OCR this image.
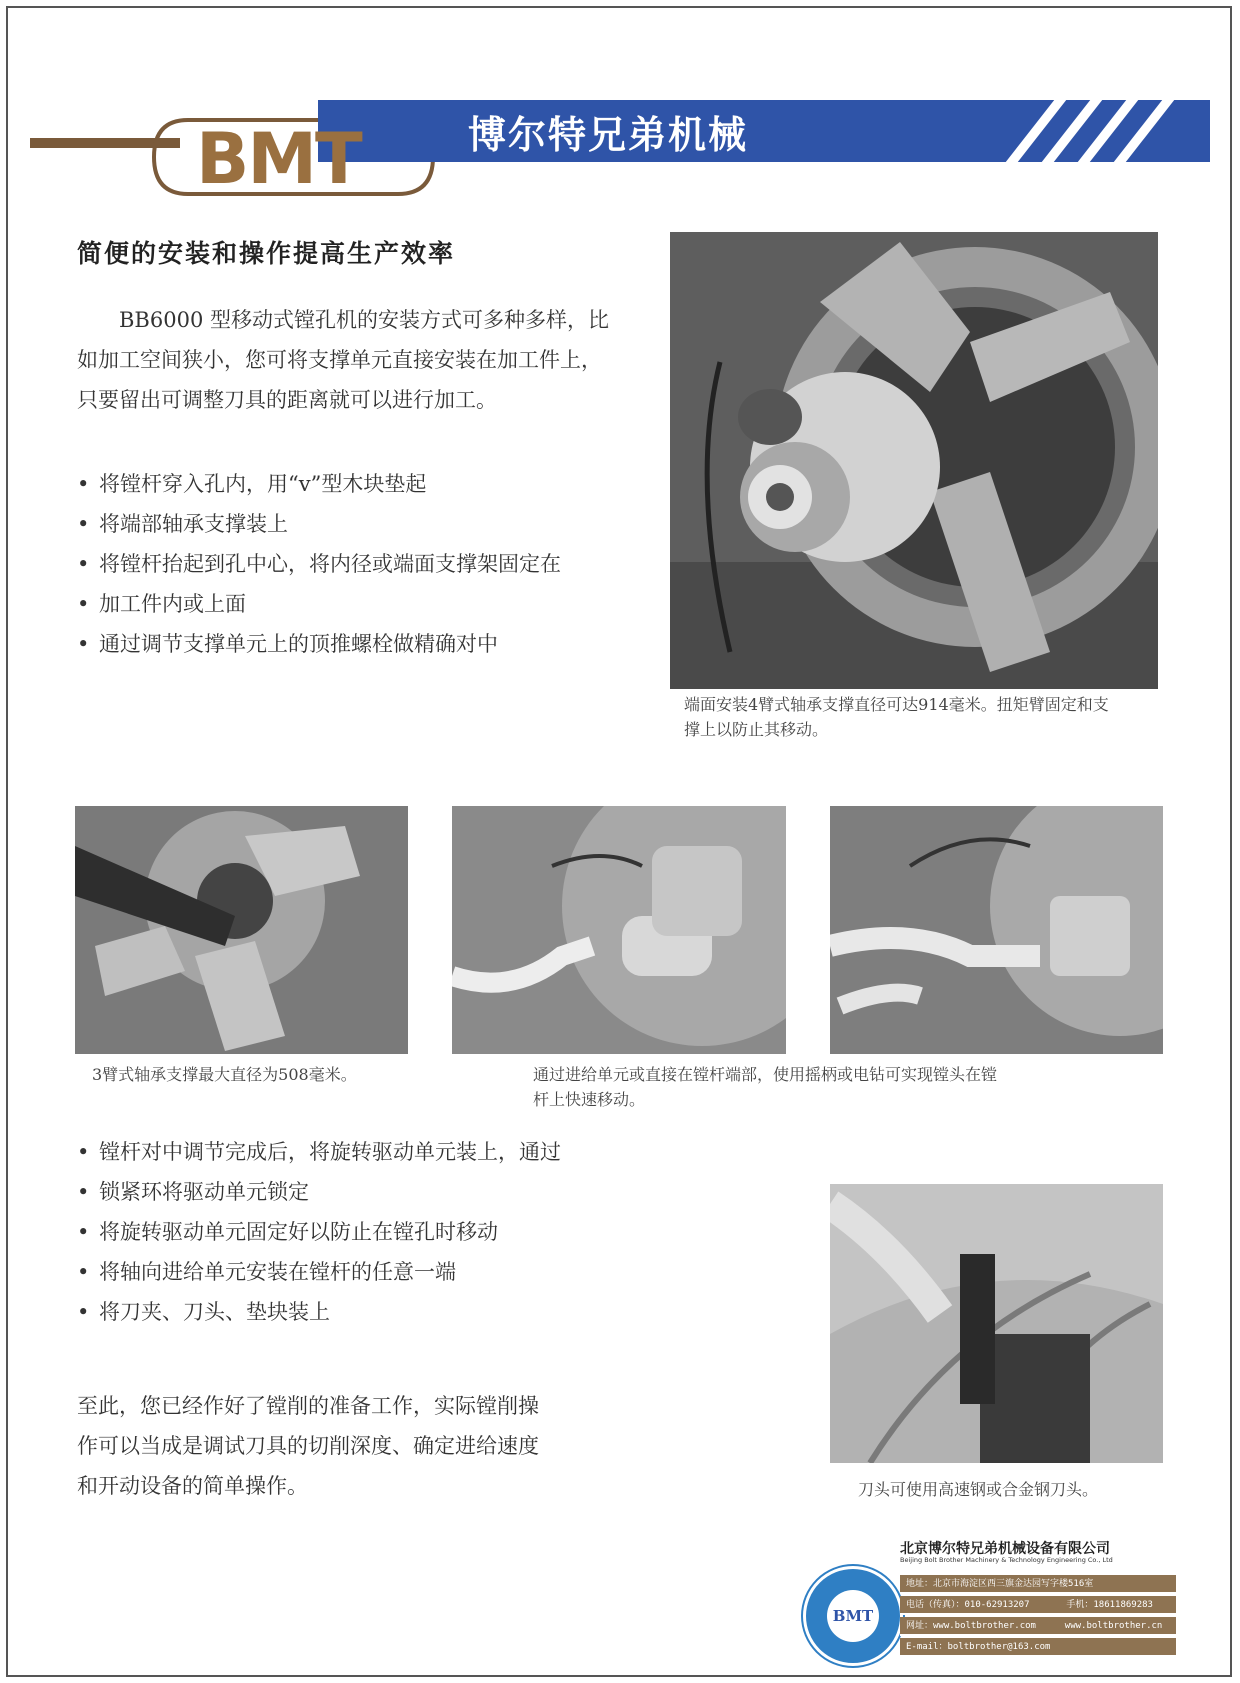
BMT	博尔特兄弟机械
简便的安装和操作提高生产效率
BB6000 型移动式镗孔机的安装方式可多种多样，比如加工空间狭小，您可将支撑单元直接安装在加工件上，只要留出可调整刀具的距离就可以进行加工。
• 将镗杆穿入孔内，用“v”型木块垫起
• 将端部轴承支撑装上
• 将镗杆抬起到孔中心，将内径或端面支撑架固定在
• 加工件内或上面
• 通过调节支撑单元上的顶推螺栓做精确对中
端面安装4臂式轴承支撑直径可达914毫米。扭矩臂固定和支
撑上以防止其移动。
3臂式轴承支撑最大直径为508毫米。	通过进给单元或直接在镗杆端部，使用摇柄或电钻可实现镗头在镗
杆上快速移动。
• 镗杆对中调节完成后，将旋转驱动单元装上，通过
• 锁紧环将驱动单元锁定
• 将旋转驱动单元固定好以防止在镗孔时移动
• 将轴向进给单元安装在镗杆的任意一端
• 将刀夹、刀头、垫块装上
至此，您已经作好了镗削的准备工作，实际镗削操
作可以当成是调试刀具的切削深度、确定进给速度
和开动设备的简单操作。	刀头可使用高速钢或合金钢刀头。
BMT
北京博尔特兄弟机械设备有限公司
Beijing Bolt Brother Machinery & Technology Engineering Co., Ltd
地址：北京市海淀区西三旗金达园写字楼516室
电话（传真）：010-62913207	手机：18611869283
网址：www.boltbrother.com	www.boltbrother.cn
E-mail：boltbrother@163.com
